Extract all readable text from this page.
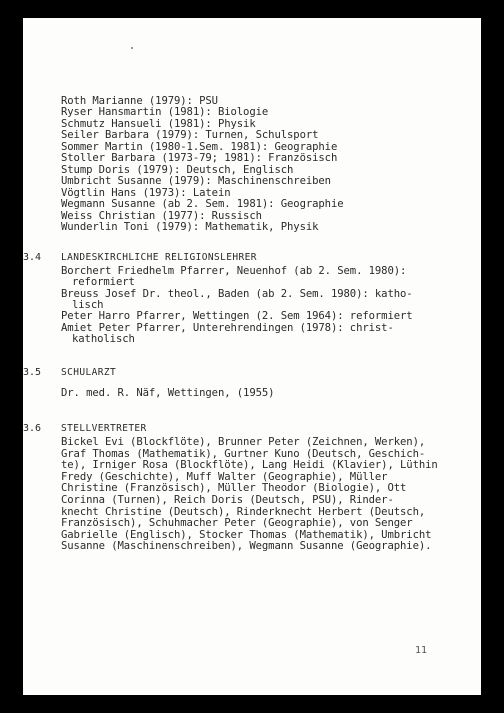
Roth Marianne (1979): PSU
Ryser Hansmartin (1981): Biologie
Schmutz Hansueli (1981): Physik
Seiler Barbara (1979): Turnen, Schulsport
Sommer Martin (1980-1.Sem. 1981): Geographie
Stoller Barbara (1973-79; 1981): Französisch
Stump Doris (1979): Deutsch, Englisch
Umbricht Susanne (1979): Maschinenschreiben
Vögtlin Hans (1973): Latein
Wegmann Susanne (ab 2. Sem. 1981): Geographie
Weiss Christian (1977): Russisch
Wunderlin Toni (1979): Mathematik, Physik
3.4 LANDESKIRCHLICHE RELIGIONSLEHRER
Borchert Friedhelm Pfarrer, Neuenhof (ab 2. Sem. 1980):
reformiert
Breuss Josef Dr. theol., Baden (ab 2. Sem. 1980): katho-
lisch
Peter Harro Pfarrer, Wettingen (2. Sem 1964): reformiert
Amiet Peter Pfarrer, Unterehrendingen (1978): christ-
katholisch
3.5 SCHULARZT
Dr. med. R. Näf, Wettingen, (1955)
3.6 STELLVERTRETER
Bickel Evi (Blockflöte), Brunner Peter (Zeichnen, Werken),
Graf Thomas (Mathematik), Gurtner Kuno (Deutsch, Geschich-
te), Irniger Rosa (Blockflöte), Lang Heidi (Klavier), Lüthin
Fredy (Geschichte), Muff Walter (Geographie), Müller
Christine (Französisch), Müller Theodor (Biologie), Ott
Corinna (Turnen), Reich Doris (Deutsch, PSU), Rinder-
knecht Christine (Deutsch), Rinderknecht Herbert (Deutsch,
Französisch), Schuhmacher Peter (Geographie), von Senger
Gabrielle (Englisch), Stocker Thomas (Mathematik), Umbricht
Susanne (Maschinenschreiben), Wegmann Susanne (Geographie).
11
